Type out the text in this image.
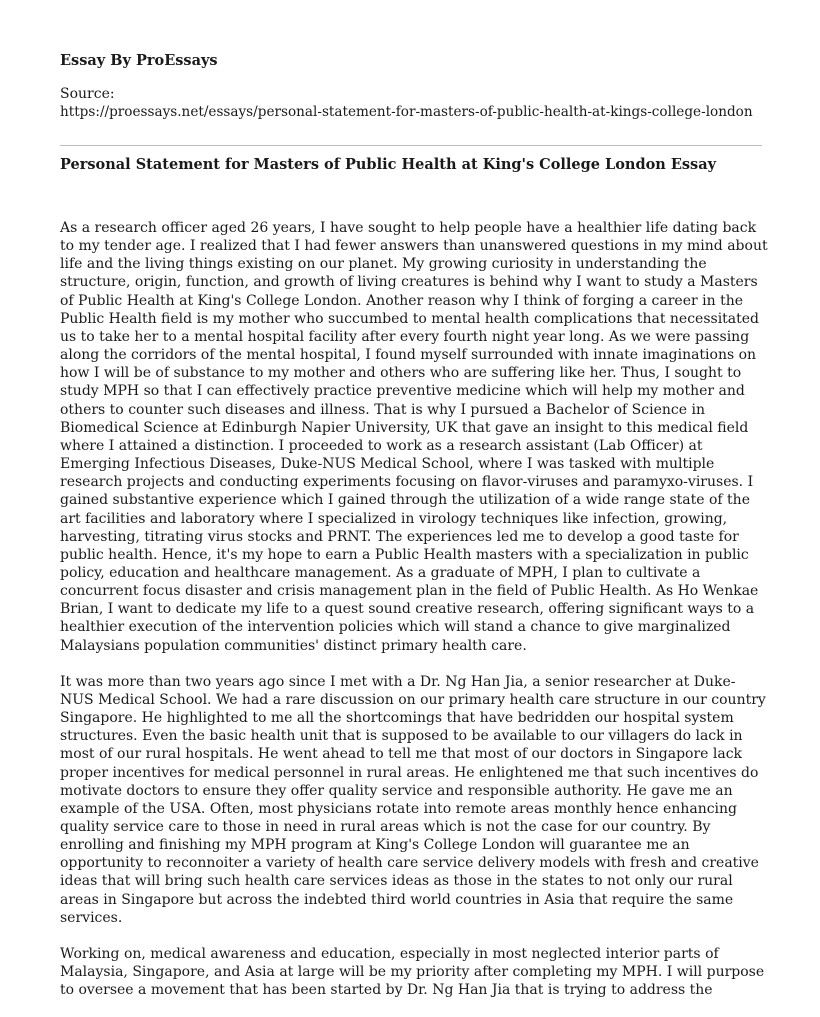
Essay By ProEssays

Source:

https://proessays.net/essays/personal-statement-for-masters-of-public-health-at-kings-college-london

Personal Statement for Masters of Public Health at King's College London Essay

As a research officer aged 26 years, I have sought to help people have a healthier life dating back to my tender age. I realized that I had fewer answers than unanswered questions in my mind about life and the living things existing on our planet. My growing curiosity in understanding the structure, origin, function, and growth of living creatures is behind why I want to study a Masters of Public Health at King's College London. Another reason why I think of forging a career in the Public Health field is my mother who succumbed to mental health complications that necessitated us to take her to a mental hospital facility after every fourth night year long. As we were passing along the corridors of the mental hospital, I found myself surrounded with innate imaginations on how I will be of substance to my mother and others who are suffering like her. Thus, I sought to study MPH so that I can effectively practice preventive medicine which will help my mother and others to counter such diseases and illness. That is why I pursued a Bachelor of Science in Biomedical Science at Edinburgh Napier University, UK that gave an insight to this medical field where I attained a distinction. I proceeded to work as a research assistant (Lab Officer) at Emerging Infectious Diseases, Duke-NUS Medical School, where I was tasked with multiple research projects and conducting experiments focusing on flavor-viruses and paramyxo-viruses. I gained substantive experience which I gained through the utilization of a wide range state of the art facilities and laboratory where I specialized in virology techniques like infection, growing, harvesting, titrating virus stocks and PRNT. The experiences led me to develop a good taste for public health. Hence, it's my hope to earn a Public Health masters with a specialization in public policy, education and healthcare management. As a graduate of MPH, I plan to cultivate a concurrent focus disaster and crisis management plan in the field of Public Health. As Ho Wenkae Brian, I want to dedicate my life to a quest sound creative research, offering significant ways to a healthier execution of the intervention policies which will stand a chance to give marginalized Malaysians population communities' distinct primary health care.

It was more than two years ago since I met with a Dr. Ng Han Jia, a senior researcher at Duke-NUS Medical School. We had a rare discussion on our primary health care structure in our country Singapore. He highlighted to me all the shortcomings that have bedridden our hospital system structures. Even the basic health unit that is supposed to be available to our villagers do lack in most of our rural hospitals. He went ahead to tell me that most of our doctors in Singapore lack proper incentives for medical personnel in rural areas. He enlightened me that such incentives do motivate doctors to ensure they offer quality service and responsible authority. He gave me an example of the USA. Often, most physicians rotate into remote areas monthly hence enhancing quality service care to those in need in rural areas which is not the case for our country. By enrolling and finishing my MPH program at King's College London will guarantee me an opportunity to reconnoiter a variety of health care service delivery models with fresh and creative ideas that will bring such health care services ideas as those in the states to not only our rural areas in Singapore but across the indebted third world countries in Asia that require the same services.

Working on, medical awareness and education, especially in most neglected interior parts of Malaysia, Singapore, and Asia at large will be my priority after completing my MPH. I will purpose to oversee a movement that has been started by Dr. Ng Han Jia that is trying to address the
